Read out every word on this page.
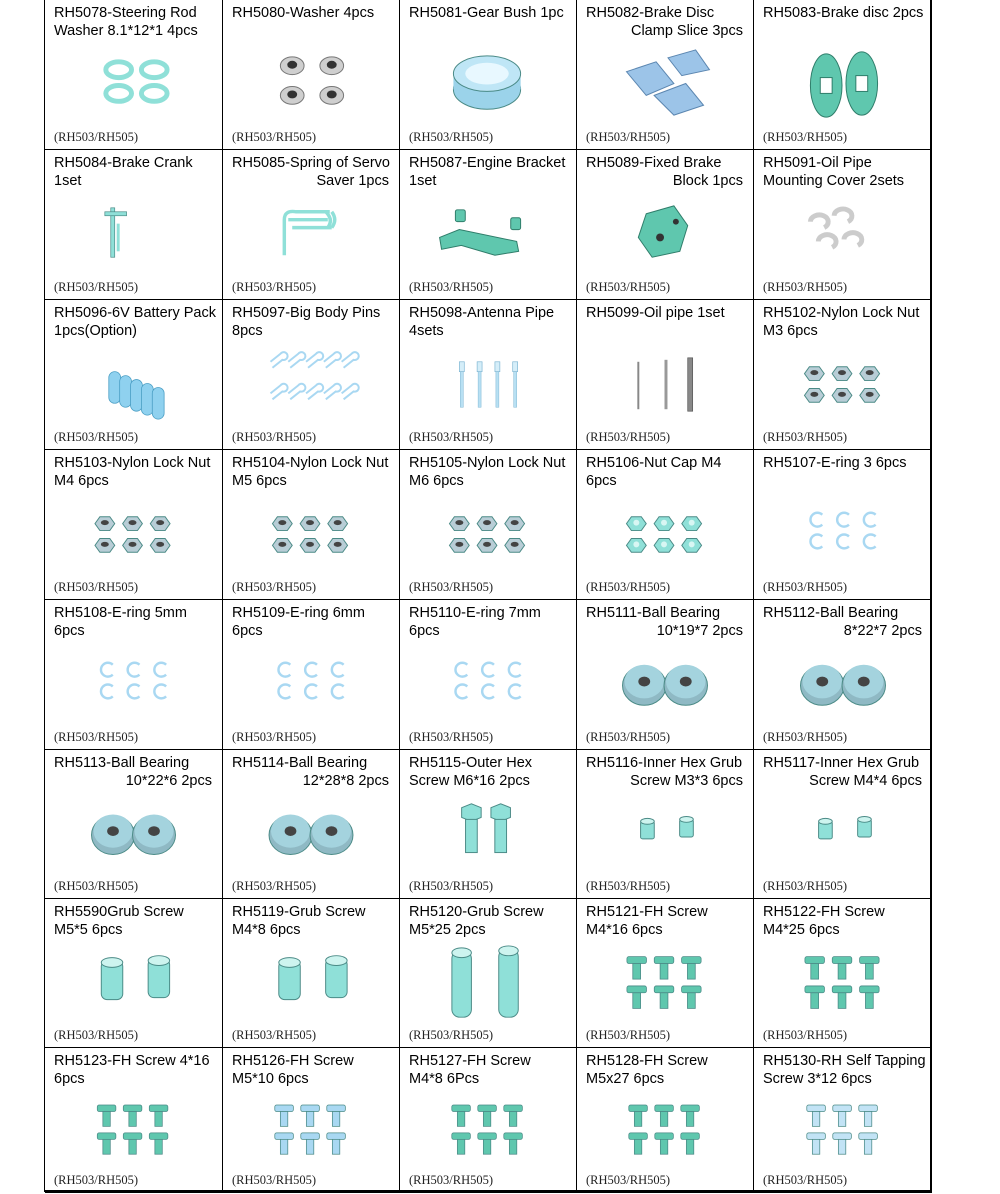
RH5078-Steering Rod
Washer 8.1*12*1 4pcs
(RH503/RH505)
RH5080-Washer 4pcs
(RH503/RH505)
RH5081-Gear Bush 1pc
(RH503/RH505)
RH5082-Brake Disc
Clamp Slice 3pcs
(RH503/RH505)
RH5083-Brake disc 2pcs
(RH503/RH505)
RH5084-Brake Crank
1set
(RH503/RH505)
RH5085-Spring of Servo
Saver 1pcs
(RH503/RH505)
RH5087-Engine Bracket
1set
(RH503/RH505)
RH5089-Fixed Brake
Block 1pcs
(RH503/RH505)
RH5091-Oil Pipe
Mounting Cover 2sets
(RH503/RH505)
RH5096-6V Battery Pack
1pcs(Option)
(RH503/RH505)
RH5097-Big Body Pins
8pcs
(RH503/RH505)
RH5098-Antenna Pipe
4sets
(RH503/RH505)
RH5099-Oil pipe 1set
(RH503/RH505)
RH5102-Nylon Lock Nut
M3 6pcs
(RH503/RH505)
RH5103-Nylon Lock Nut
M4 6pcs
(RH503/RH505)
RH5104-Nylon Lock Nut
M5 6pcs
(RH503/RH505)
RH5105-Nylon Lock Nut
M6 6pcs
(RH503/RH505)
RH5106-Nut Cap M4
6pcs
(RH503/RH505)
RH5107-E-ring 3 6pcs
(RH503/RH505)
RH5108-E-ring 5mm
6pcs
(RH503/RH505)
RH5109-E-ring 6mm
6pcs
(RH503/RH505)
RH5110-E-ring 7mm
6pcs
(RH503/RH505)
RH5111-Ball Bearing
10*19*7 2pcs
(RH503/RH505)
RH5112-Ball Bearing
8*22*7 2pcs
(RH503/RH505)
RH5113-Ball Bearing
10*22*6 2pcs
(RH503/RH505)
RH5114-Ball Bearing
12*28*8 2pcs
(RH503/RH505)
RH5115-Outer Hex
Screw M6*16 2pcs
(RH503/RH505)
RH5116-Inner Hex Grub
Screw M3*3 6pcs
(RH503/RH505)
RH5117-Inner Hex Grub
Screw M4*4 6pcs
(RH503/RH505)
RH5590Grub Screw
M5*5 6pcs
(RH503/RH505)
RH5119-Grub Screw
M4*8 6pcs
(RH503/RH505)
RH5120-Grub Screw
M5*25 2pcs
(RH503/RH505)
RH5121-FH Screw
M4*16 6pcs
(RH503/RH505)
RH5122-FH Screw
M4*25 6pcs
(RH503/RH505)
RH5123-FH Screw 4*16
6pcs
(RH503/RH505)
RH5126-FH Screw
M5*10 6pcs
(RH503/RH505)
RH5127-FH Screw
M4*8 6Pcs
(RH503/RH505)
RH5128-FH Screw
M5x27 6pcs
(RH503/RH505)
RH5130-RH Self Tapping
Screw 3*12 6pcs
(RH503/RH505)
